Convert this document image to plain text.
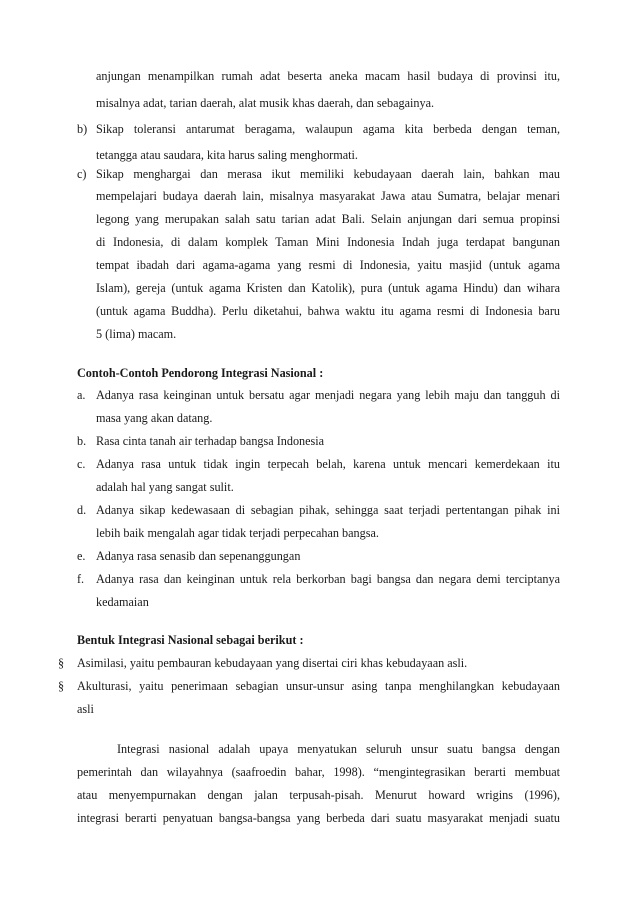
anjungan menampilkan rumah adat beserta aneka macam hasil budaya di provinsi itu,
misalnya adat, tarian daerah, alat musik khas daerah, dan sebagainya.
b) Sikap toleransi antarumat beragama, walaupun agama kita berbeda dengan teman,
tetangga atau saudara, kita harus saling menghormati.
c) Sikap menghargai dan merasa ikut memiliki kebudayaan daerah lain, bahkan mau
mempelajari budaya daerah lain, misalnya masyarakat Jawa atau Sumatra, belajar menari
legong yang merupakan salah satu tarian adat Bali. Selain anjungan dari semua propinsi
di Indonesia, di dalam komplek Taman Mini Indonesia Indah juga terdapat bangunan
tempat ibadah dari agama-agama yang resmi di Indonesia, yaitu masjid (untuk agama
Islam), gereja (untuk agama Kristen dan Katolik), pura (untuk agama Hindu) dan wihara
(untuk agama Buddha). Perlu diketahui, bahwa waktu itu agama resmi di Indonesia baru
5 (lima) macam.
Contoh-Contoh Pendorong Integrasi Nasional :
a. Adanya rasa keinginan untuk bersatu agar menjadi negara yang lebih maju dan tangguh di
masa yang akan datang.
b. Rasa cinta tanah air terhadap bangsa Indonesia
c. Adanya rasa untuk tidak ingin terpecah belah, karena untuk mencari kemerdekaan itu
adalah hal yang sangat sulit.
d. Adanya sikap kedewasaan di sebagian pihak, sehingga saat terjadi pertentangan pihak ini
lebih baik mengalah agar tidak terjadi perpecahan bangsa.
e. Adanya rasa senasib dan sepenanggungan
f. Adanya rasa dan keinginan untuk rela berkorban bagi bangsa dan negara demi terciptanya
kedamaian
Bentuk Integrasi Nasional sebagai berikut :
§ Asimilasi, yaitu pembauran kebudayaan yang disertai ciri khas kebudayaan asli.
§ Akulturasi, yaitu penerimaan sebagian unsur-unsur asing tanpa menghilangkan kebudayaan
asli
Integrasi nasional adalah upaya menyatukan seluruh unsur suatu bangsa dengan
pemerintah dan wilayahnya (saafroedin bahar, 1998). “mengintegrasikan berarti membuat
atau menyempurnakan dengan jalan terpusah-pisah. Menurut howard wrigins (1996),
integrasi berarti penyatuan bangsa-bangsa yang berbeda dari suatu masyarakat menjadi suatu
